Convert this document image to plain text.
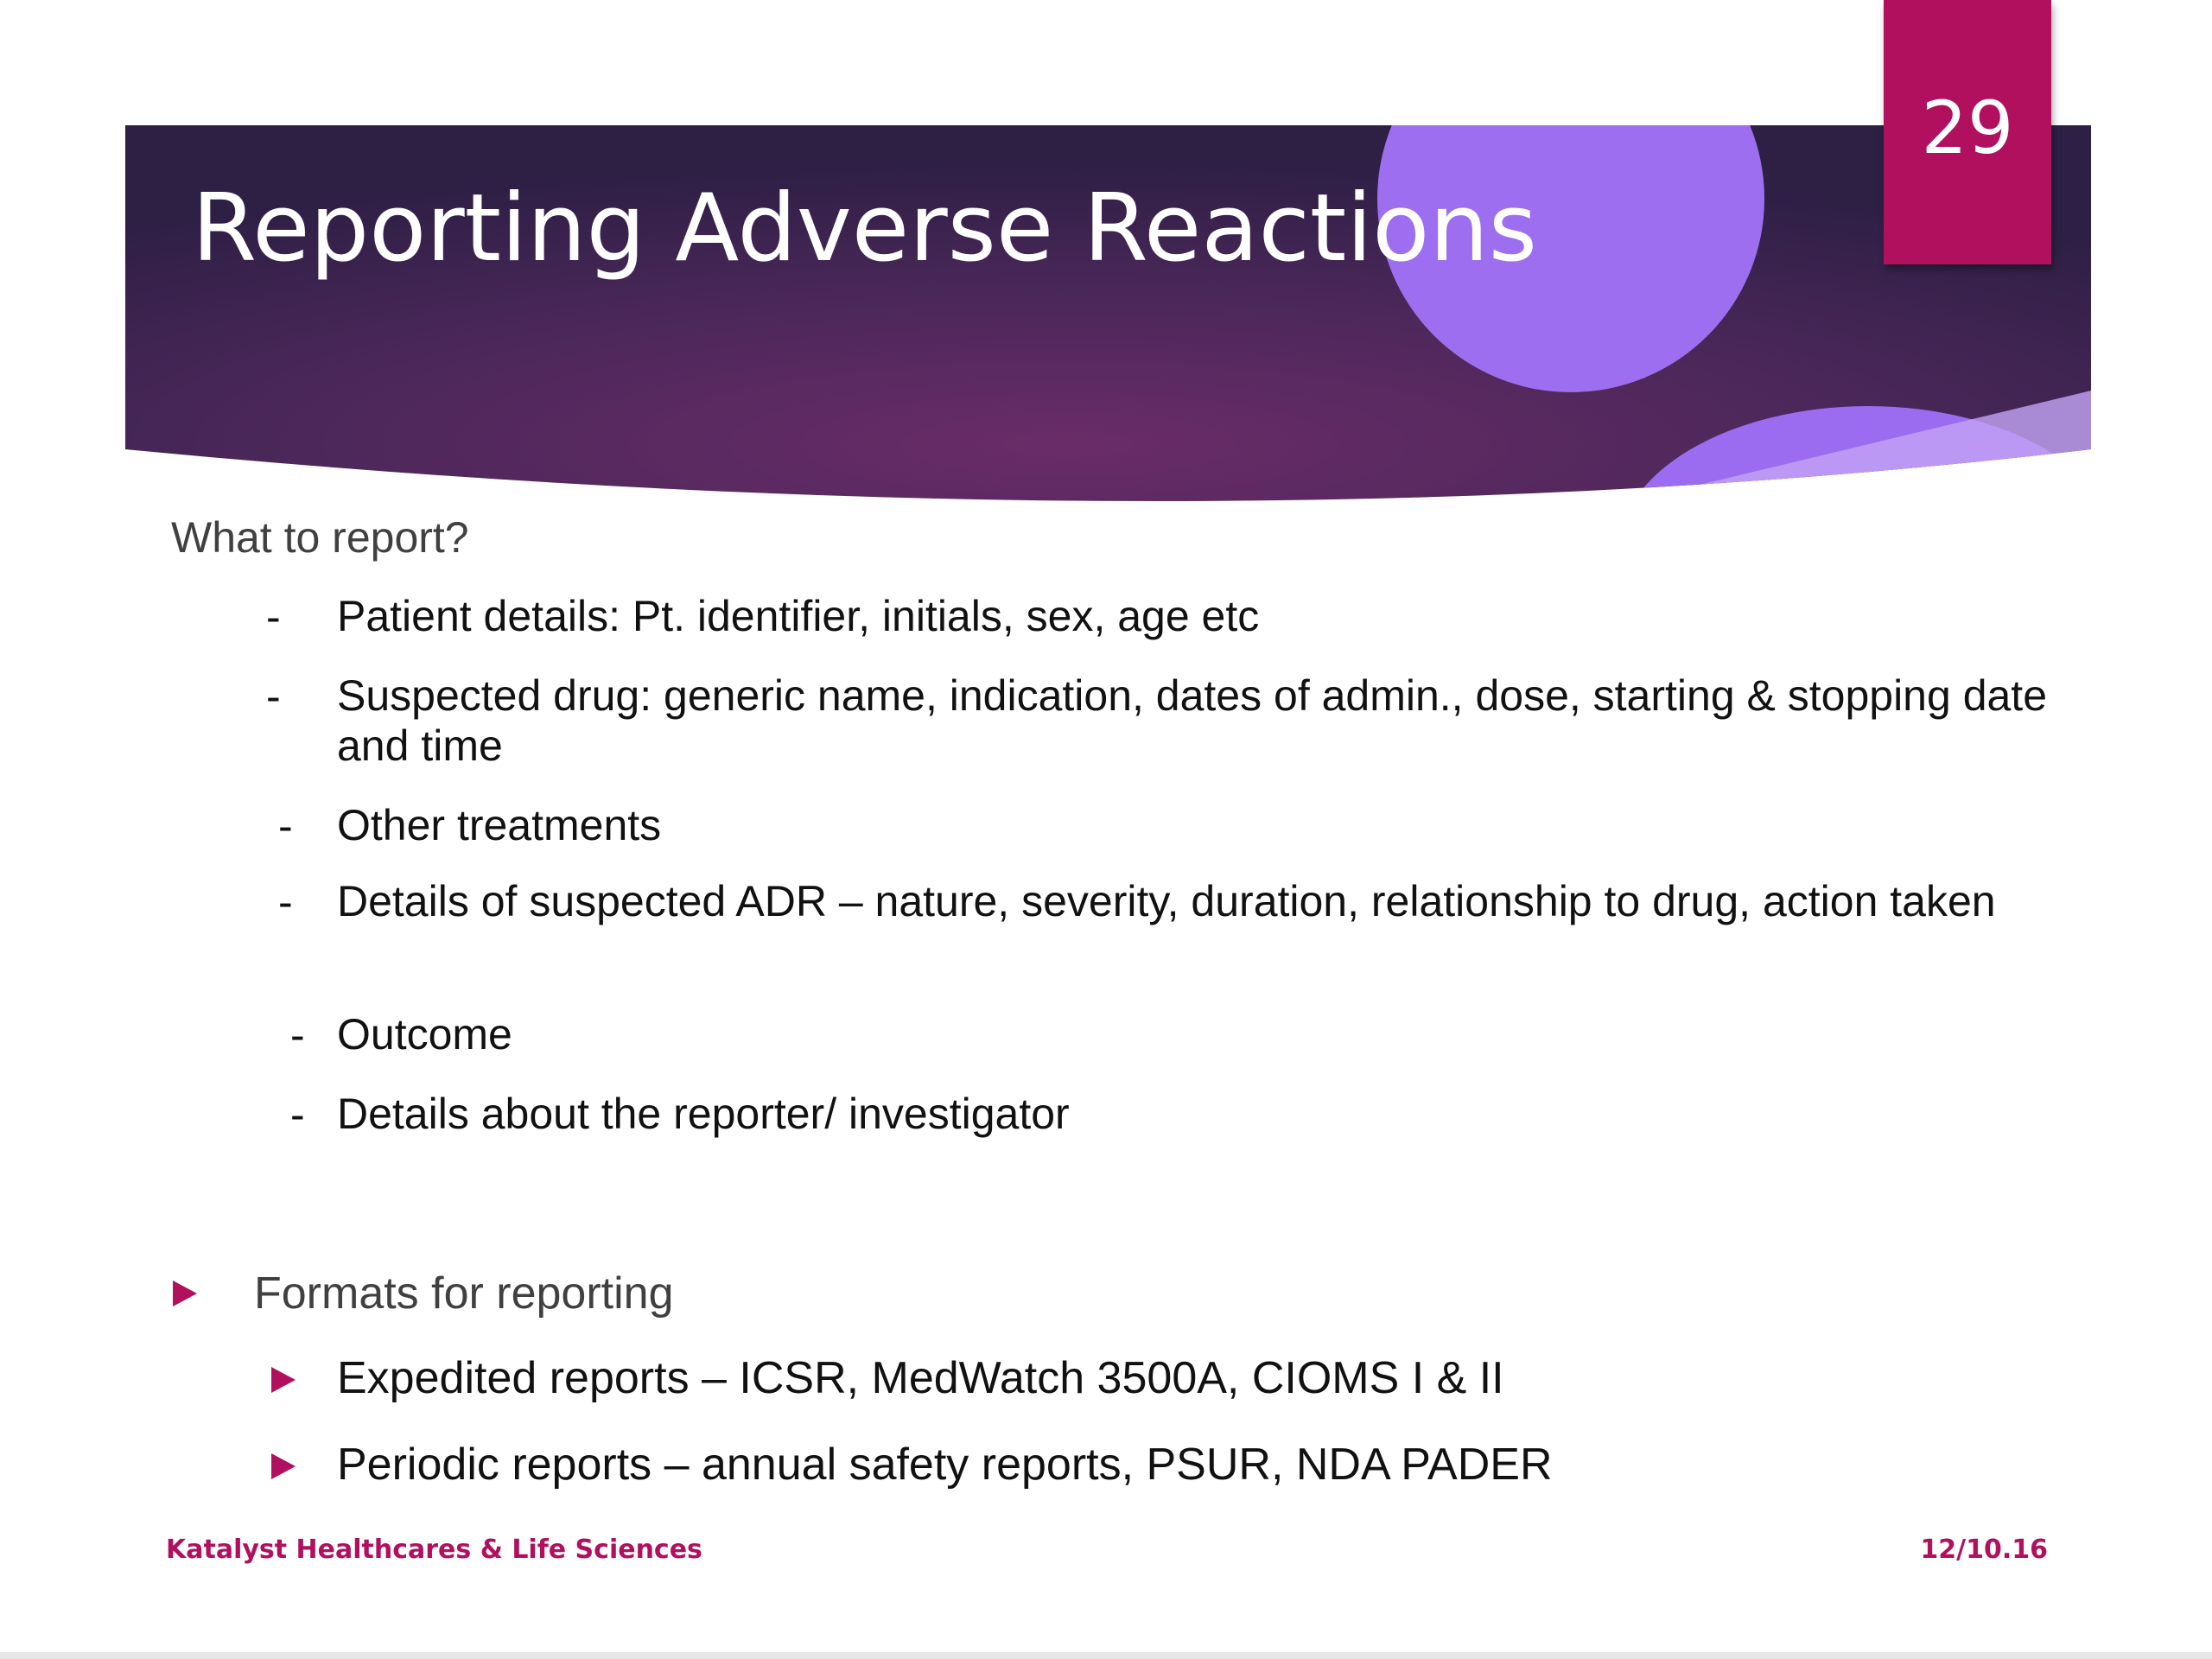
29
Reporting Adverse Reactions
What to report?
- Patient details: Pt. identifier, initials, sex, age etc
- Suspected drug: generic name, indication, dates of admin., dose, starting & stopping date and time
- Other treatments
- Details of suspected ADR – nature, severity, duration, relationship to drug, action taken
- Outcome
- Details about the reporter/ investigator
Formats for reporting
Expedited reports – ICSR, MedWatch 3500A, CIOMS I & II
Periodic reports – annual safety reports, PSUR, NDA PADER
Katalyst Healthcares & Life Sciences	12/10.16
